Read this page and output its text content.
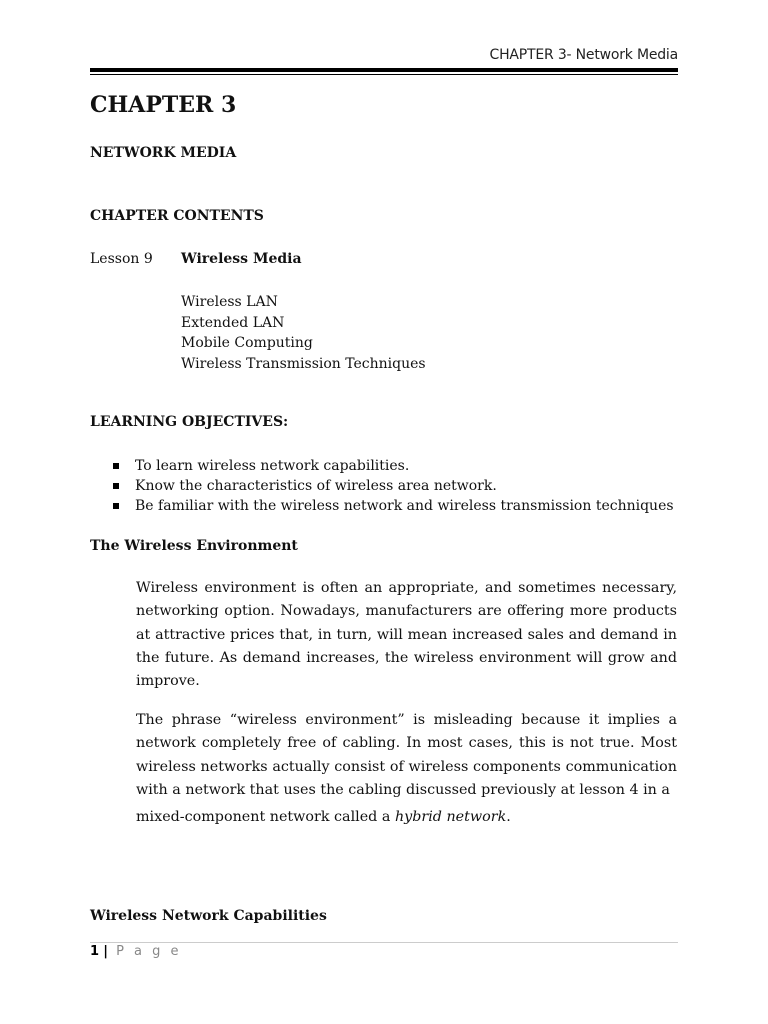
CHAPTER 3- Network Media
CHAPTER 3
NETWORK MEDIA
CHAPTER CONTENTS
Lesson 9 Wireless Media
Wireless LAN
Extended LAN
Mobile Computing
Wireless Transmission Techniques
LEARNING OBJECTIVES:
To learn wireless network capabilities.
Know the characteristics of wireless area network.
Be familiar with the wireless network and wireless transmission techniques
The Wireless Environment
Wireless environment is often an appropriate, and sometimes necessary, networking option. Nowadays, manufacturers are offering more products at attractive prices that, in turn, will mean increased sales and demand in the future. As demand increases, the wireless environment will grow and improve.
The phrase “wireless environment” is misleading because it implies a network completely free of cabling. In most cases, this is not true. Most wireless networks actually consist of wireless components communication with a network that uses the cabling discussed previously at lesson 4 in a
mixed-component network called a hybrid network.
Wireless Network Capabilities
1 | P a g e
